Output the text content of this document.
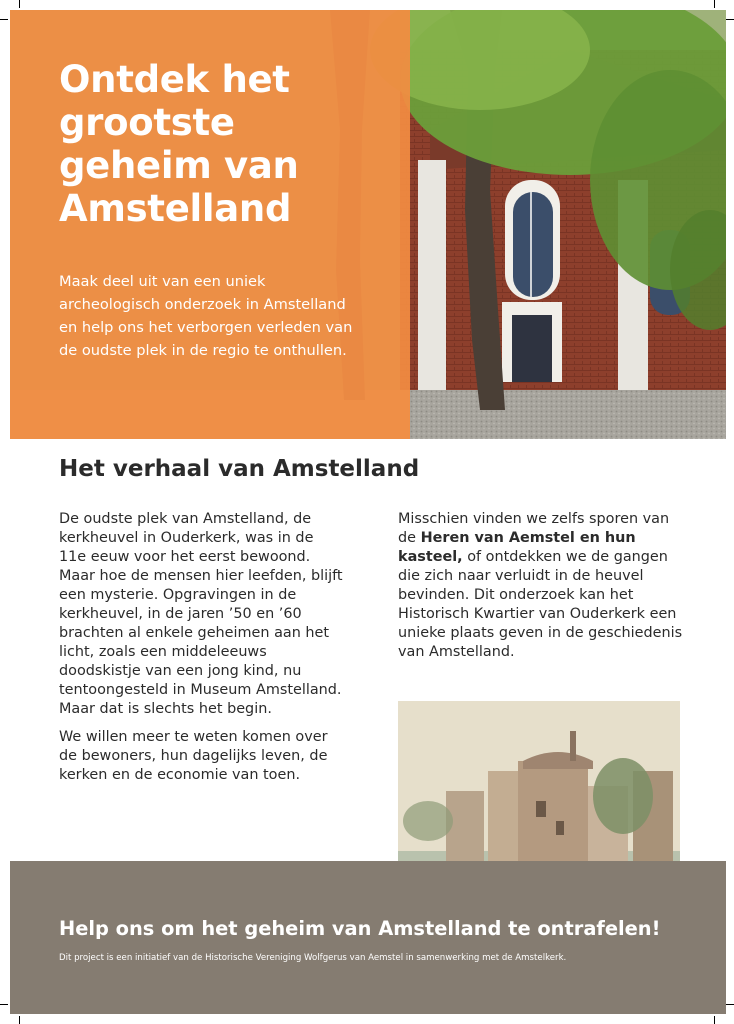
Ontdek het grootste geheim van Amstelland

Maak deel uit van een uniek archeologisch onderzoek in Amstelland en help ons het verborgen verleden van de oudste plek in de regio te onthullen.

Het verhaal van Amstelland

De oudste plek van Amstelland, de kerkheuvel in Ouderkerk, was in de 11e eeuw voor het eerst bewoond. Maar hoe de mensen hier leefden, blijft een mysterie. Opgravingen in de kerkheuvel, in de jaren ’50 en ’60 brachten al enkele geheimen aan het licht, zoals een middeleeuws doodskistje van een jong kind, nu tentoongesteld in Museum Amstelland. Maar dat is slechts het begin.

We willen meer te weten komen over de bewoners, hun dagelijks leven, de kerken en de economie van toen.

Misschien vinden we zelfs sporen van de Heren van Aemstel en hun kasteel, of ontdekken we de gangen die zich naar verluidt in de heuvel bevinden. Dit onderzoek kan het Historisch Kwartier van Ouderkerk een unieke plaats geven in de geschiedenis van Amstelland.

Help ons om het geheim van Amstelland te ontrafelen!
Dit project is een initiatief van de Historische Vereniging Wolfgerus van Aemstel in samenwerking met de Amstelkerk.
